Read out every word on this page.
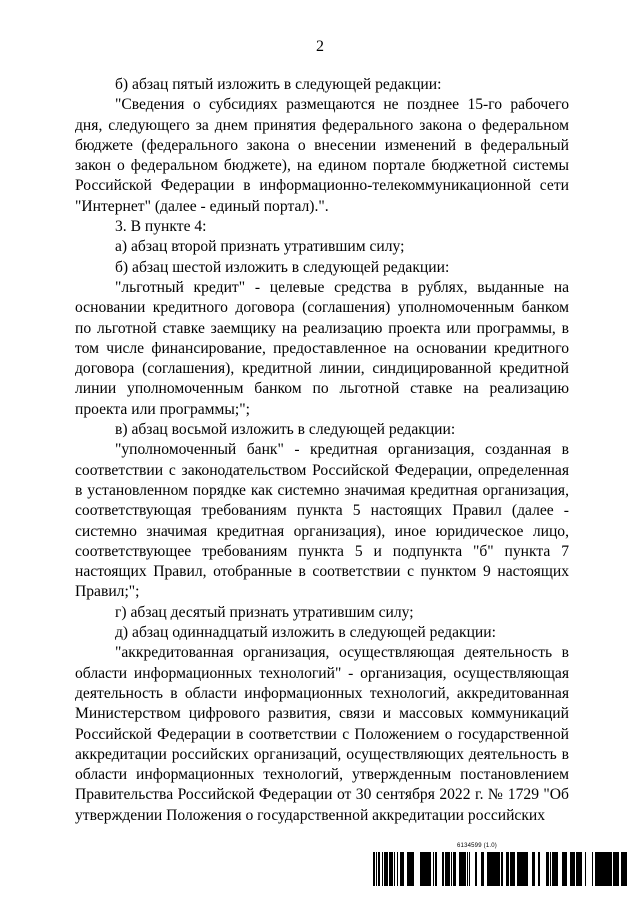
2

б) абзац пятый изложить в следующей редакции:

"Сведения о субсидиях размещаются не позднее 15-го рабочего дня, следующего за днем принятия федерального закона о федеральном бюджете (федерального закона о внесении изменений в федеральный закон о федеральном бюджете), на едином портале бюджетной системы Российской Федерации в информационно-телекоммуникационной сети "Интернет" (далее - единый портал).".

3. В пункте 4:

а) абзац второй признать утратившим силу;

б) абзац шестой изложить в следующей редакции:

"льготный кредит" - целевые средства в рублях, выданные на основании кредитного договора (соглашения) уполномоченным банком по льготной ставке заемщику на реализацию проекта или программы, в том числе финансирование, предоставленное на основании кредитного договора (соглашения), кредитной линии, синдицированной кредитной линии уполномоченным банком по льготной ставке на реализацию проекта или программы;";

в) абзац восьмой изложить в следующей редакции:

"уполномоченный банк" - кредитная организация, созданная в соответствии с законодательством Российской Федерации, определенная в установленном порядке как системно значимая кредитная организация, соответствующая требованиям пункта 5 настоящих Правил (далее - системно значимая кредитная организация), иное юридическое лицо, соответствующее требованиям пункта 5 и подпункта "б" пункта 7 настоящих Правил, отобранные в соответствии с пунктом 9 настоящих Правил;";

г) абзац десятый признать утратившим силу;

д) абзац одиннадцатый изложить в следующей редакции:

"аккредитованная организация, осуществляющая деятельность в области информационных технологий" - организация, осуществляющая деятельность в области информационных технологий, аккредитованная Министерством цифрового развития, связи и массовых коммуникаций Российской Федерации в соответствии с Положением о государственной аккредитации российских организаций, осуществляющих деятельность в области информационных технологий, утвержденным постановлением Правительства Российской Федерации от 30 сентября 2022 г. № 1729 "Об утверждении Положения о государственной аккредитации российских

6134599 (1.0)
